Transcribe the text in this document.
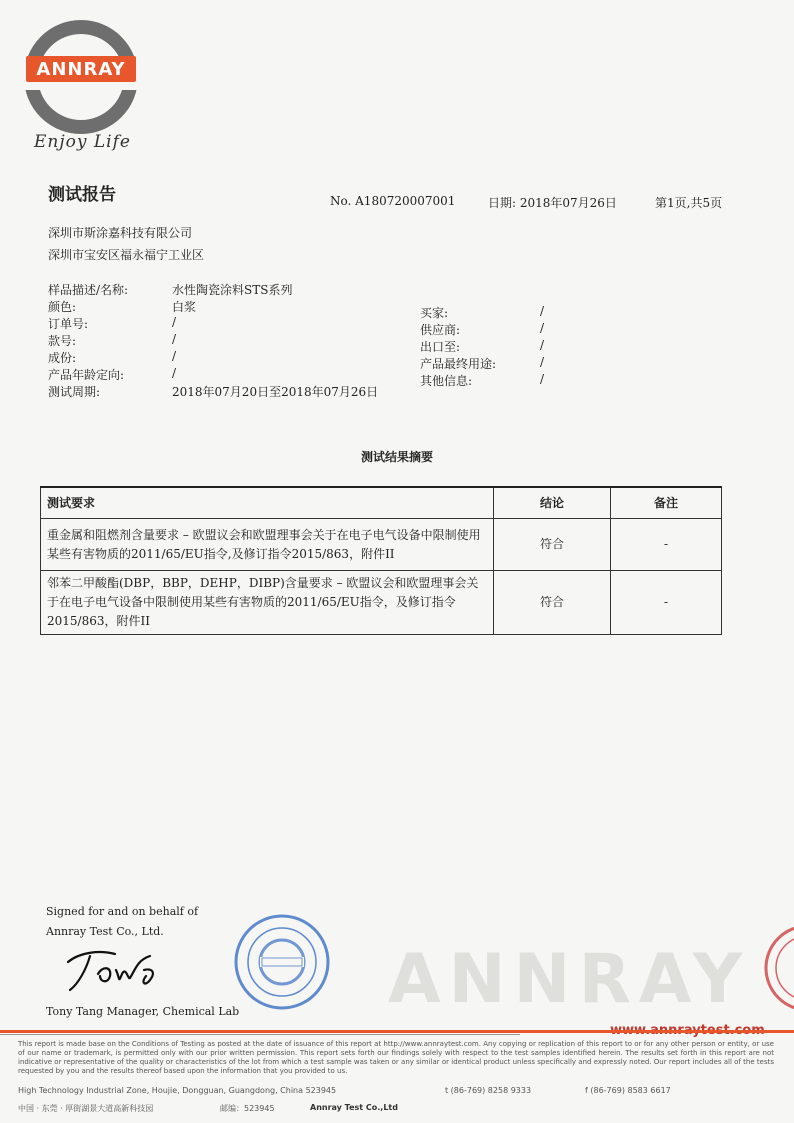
ANNRAY
Enjoy Life
测试报告	No. A180720007001	日期: 2018年07月26日	第1页,共5页
深圳市斯涂嘉科技有限公司
深圳市宝安区福永福宁工业区
样品描述/名称:	水性陶瓷涂料STS系列
颜色:	白浆
订单号:	/
款号:	/
成份:	/
产品年龄定向:	/
测试周期:	2018年07月20日至2018年07月26日
买家:	/
供应商:	/
出口至:	/
产品最终用途:	/
其他信息:	/
测试结果摘要
测试要求	结论	备注
重金属和阻燃剂含量要求 – 欧盟议会和欧盟理事会关于在电子电气设备中限制使用某些有害物质的2011/65/EU指令,及修订指令2015/863，附件II	符合	-
邻苯二甲酸酯(DBP，BBP，DEHP，DIBP)含量要求 – 欧盟议会和欧盟理事会关于在电子电气设备中限制使用某些有害物质的2011/65/EU指令，及修订指令2015/863，附件II	符合	-
ANNRAY
Signed for and on behalf of
Annray Test Co., Ltd.
Tony Tang Manager, Chemical Lab
This report is made base on the Conditions of Testing as posted at the date of issuance of this report at http://www.annraytest.com. Any copying or replication of this report to or for any other person or entity, or use of our name or trademark, is permitted only with our prior written permission. This report sets forth our findings solely with respect to the test samples identified herein. The results set forth in this report are not indicative or representative of the quality or characteristics of the lot from which a test sample was taken or any similar or identical product unless specifically and expressly noted. Our report includes all of the tests requested by you and the results thereof based upon the information that you provided to us.
High Technology Industrial Zone, Houjie, Dongguan, Guangdong, China 523945	t (86-769) 8258 9333	f (86-769) 8583 6617
中国 · 东莞 · 厚街湖景大道高新科技园	邮编：523945	Annray Test Co.,Ltd
